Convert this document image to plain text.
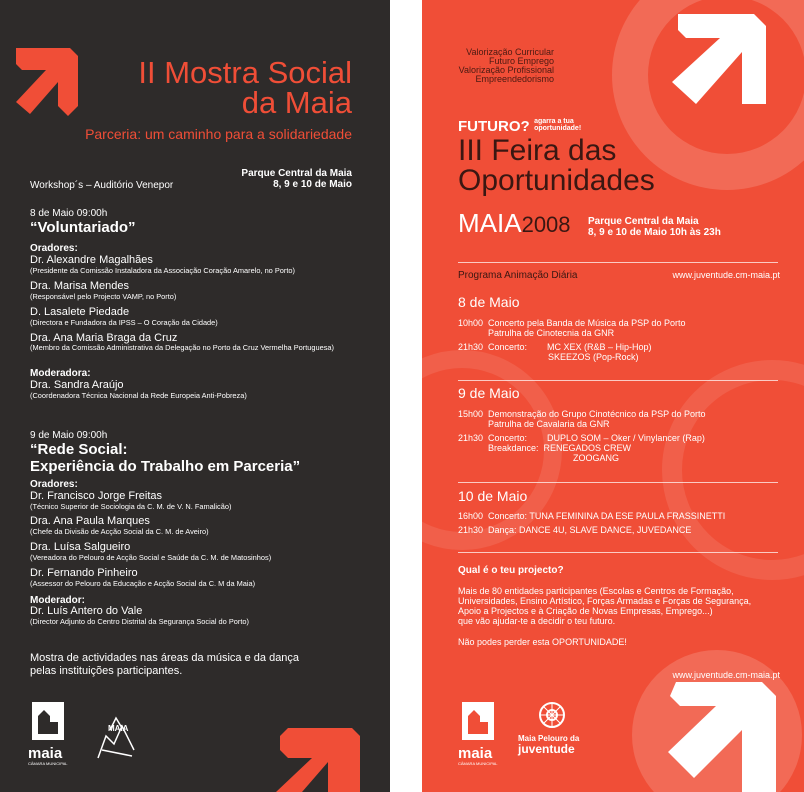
II Mostra Social
da Maia
Parceria: um caminho para a solidariedade
Parque Central da Maia
8, 9 e 10 de Maio
Workshop´s – Auditório Venepor
8 de Maio 09:00h
“Voluntariado”
Oradores:
Dr. Alexandre Magalhães
(Presidente da Comissão Instaladora da Associação Coração Amarelo, no Porto)
Dra. Marisa Mendes
(Responsável pelo Projecto VAMP, no Porto)
D. Lasalete Piedade
(Directora e Fundadora da IPSS – O Coração da Cidade)
Dra. Ana Maria Braga da Cruz
(Membro da Comissão Administrativa da Delegação no Porto da Cruz Vermelha Portuguesa)
Moderadora:
Dra. Sandra Araújo
(Coordenadora Técnica Nacional da Rede Europeia Anti-Pobreza)
9 de Maio 09:00h
“Rede Social:
Experiência do Trabalho em Parceria”
Oradores:
Dr. Francisco Jorge Freitas
(Técnico Superior de Sociologia da C. M. de V. N. Famalicão)
Dra. Ana Paula Marques
(Chefe da Divisão de Acção Social da C. M. de Aveiro)
Dra. Luísa Salgueiro
(Vereadora do Pelouro de Acção Social e Saúde da C. M. de Matosinhos)
Dr. Fernando Pinheiro
(Assessor do Pelouro da Educação e Acção Social da C. M da Maia)
Moderador:
Dr. Luís Antero do Vale
(Director Adjunto do Centro Distrital da Segurança Social do Porto)
Mostra de actividades nas áreas da música e da dança
pelas instituições participantes.
maia
CÂMARA MUNICIPAL
MAIA
Valorização Curricular
Futuro Emprego
Valorização Profissional
Empreendedorismo
FUTURO? agarra a tua
oportunidade!
III Feira das
Oportunidades
MAIA2008 Parque Central da Maia
8, 9 e 10 de Maio 10h às 23h
Programa Animação Diária	www.juventude.cm-maia.pt
8 de Maio
10h00 Concerto pela Banda de Música da PSP do Porto
Patrulha de Cinotecnia da GNR
21h30 Concerto:        MC XEX (R&B – Hip-Hop)
SKEEZOS (Pop-Rock)
9 de Maio
15h00 Demonstração do Grupo Cinotécnico da PSP do Porto
Patrulha de Cavalaria da GNR
21h30 Concerto:        DUPLO SOM – Oker / Vinylancer (Rap)
Breakdance:  RENEGADOS CREW
ZOOGANG
10 de Maio
16h00 Concerto: TUNA FEMININA DA ESE PAULA FRASSINETTI
21h30 Dança: DANCE 4U, SLAVE DANCE, JUVEDANCE
Qual é o teu projecto?
Mais de 80 entidades participantes (Escolas e Centros de Formação,
Universidades, Ensino Artístico, Forças Armadas e Forças de Segurança,
Apoio a Projectos e à Criação de Novas Empresas, Emprego...)
que vão ajudar-te a decidir o teu futuro.
Não podes perder esta OPORTUNIDADE!
www.juventude.cm-maia.pt
maia
CÂMARA MUNICIPAL
Maia Pelouro da
juventude
